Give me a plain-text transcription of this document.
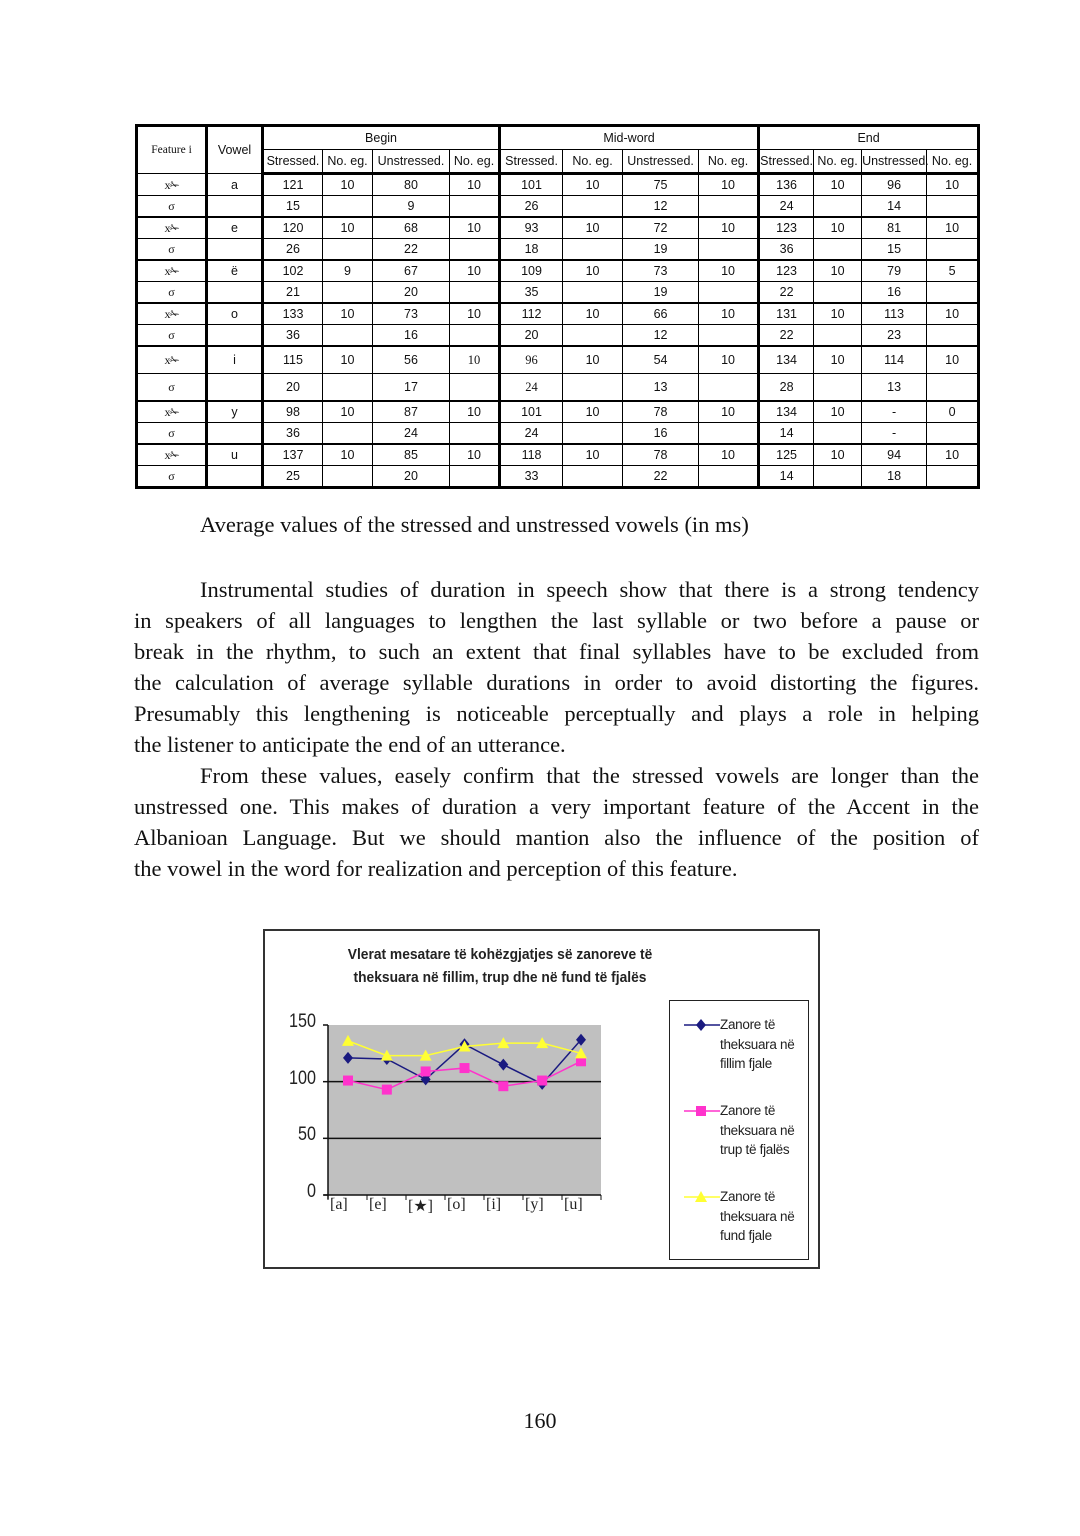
Feature i	Vowel	Begin				Mid-word				End			
		Stressed.	No. eg.	Unstressed.	No. eg.	Stressed.	No. eg.	Unstressed.	No. eg.	Stressed.	No. eg.	Unstressed.	No. eg.
x✁	a	121	10	80	10	101	10	75	10	136	10	96	10
σ		15		9		26		12		24		14	
x✁	e	120	10	68	10	93	10	72	10	123	10	81	10
σ		26		22		18		19		36		15	
x✁	ë	102	9	67	10	109	10	73	10	123	10	79	5
σ		21		20		35		19		22		16	
x✁	o	133	10	73	10	112	10	66	10	131	10	113	10
σ		36		16		20		12		22		23	
x✁	i	115	10	56	10	96	10	54	10	134	10	114	10
σ		20		17		24		13		28		13	
x✁	y	98	10	87	10	101	10	78	10	134	10	-	0
σ		36		24		24		16		14		-	
x✁	u	137	10	85	10	118	10	78	10	125	10	94	10
σ		25		20		33		22		14		18	
Average values of the stressed and unstressed vowels (in ms)
Instrumental studies of duration in speech show that there is a strong tendency
in speakers of all languages to lengthen the last syllable or two before a pause or
break in the rhythm, to such an extent that final syllables have to be excluded from
the calculation of average syllable durations in order to avoid distorting the figures.
Presumably this lengthening is noticeable perceptually and plays a role in helping
the listener to anticipate the end of an utterance.
From these values, easely confirm that the stressed vowels are longer than the
unstressed one. This makes of duration a very important feature of the Accent in the
Albanioan Language. But we should mantion also the influence of the position of
the vowel in the word for realization and perception of this feature.
Vlerat mesatare të kohëzgjatjes së zanoreve të
theksuara në fillim, trup dhe në fund të fjalës
150
100
50
0
[a] [e] [★] [o] [i] [y] [u]
Zanore të
theksuara në
fillim fjale
Zanore të
theksuara në
trup të fjalës
Zanore të
theksuara në
fund fjale
160
